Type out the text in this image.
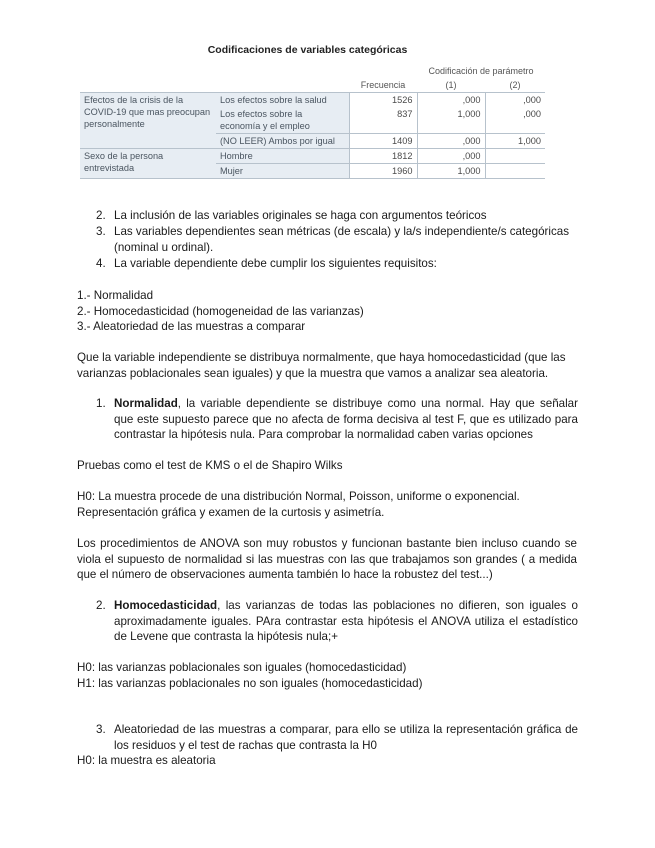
Codificaciones de variables categóricas
			Codificación de parámetro	
		Frecuencia	(1)	(2)
Efectos de la crisis de la COVID-19 que mas preocupan personalmente	Los efectos sobre la salud	1526	,000	,000
	Los efectos sobre la economía y el empleo	837	1,000	,000
	(NO LEER) Ambos por igual	1409	,000	1,000
Sexo de la persona entrevistada	Hombre	1812	,000	
	Mujer	1960	1,000	
2. La inclusión de las variables originales se haga con argumentos teóricos
3. Las variables dependientes sean métricas (de escala) y la/s independiente/s categóricas (nominal u ordinal).
4. La variable dependiente debe cumplir los siguientes requisitos:
1.- Normalidad
2.- Homocedasticidad (homogeneidad de las varianzas)
3.- Aleatoriedad de las muestras a comparar
Que la variable independiente se distribuya normalmente, que haya homocedasticidad (que las varianzas poblacionales sean iguales) y que la muestra que vamos a analizar sea aleatoria.
1. Normalidad, la variable dependiente se distribuye como una normal. Hay que señalar que este supuesto parece que no afecta de forma decisiva al test F, que es utilizado para contrastar la hipótesis nula. Para comprobar la normalidad caben varias opciones
Pruebas como el test de KMS o el de Shapiro Wilks
H0: La muestra procede de una distribución Normal, Poisson, uniforme o exponencial.
Representación gráfica y examen de la curtosis y asimetría.
Los procedimientos de ANOVA son muy robustos y funcionan bastante bien incluso cuando se viola el supuesto de normalidad si las muestras con las que trabajamos son grandes ( a medida que el número de observaciones aumenta también lo hace la robustez del test...)
2. Homocedasticidad, las varianzas de todas las poblaciones no difieren, son iguales o aproximadamente iguales. PAra contrastar esta hipótesis el ANOVA utiliza el estadístico de Levene que contrasta la hipótesis nula;+
H0: las varianzas poblacionales son iguales (homocedasticidad)
H1: las varianzas poblacionales no son iguales (homocedasticidad)
3. Aleatoriedad de las muestras a comparar, para ello se utiliza la representación gráfica de los residuos y el test de rachas que contrasta la H0
H0: la muestra es aleatoria
